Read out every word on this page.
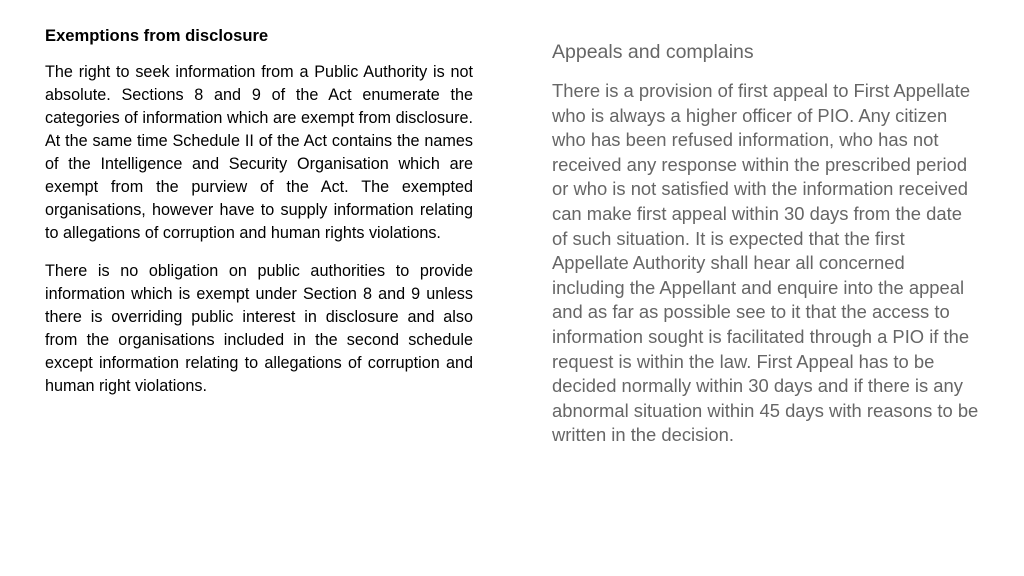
Exemptions from disclosure

The right to seek information from a Public Authority is not absolute. Sections 8 and 9 of the Act enumerate the categories of information which are exempt from disclosure. At the same time Schedule II of the Act contains the names of the Intelligence and Security Organisation which are exempt from the purview of the Act. The exempted organisations, however have to supply information relating to allegations of corruption and human rights violations.

There is no obligation on public authorities to provide information which is exempt under Section 8 and 9 unless there is overriding public interest in disclosure and also from the organisations included in the second schedule except information relating to allegations of corruption and human right violations.

Appeals and complains

There is a provision of first appeal to First Appellate who is always a higher officer of PIO. Any citizen who has been refused information, who has not received any response within the prescribed period or who is not satisfied with the information received can make first appeal within 30 days from the date of such situation. It is expected that the first Appellate Authority shall hear all concerned including the Appellant and enquire into the appeal and as far as possible see to it that the access to information sought is facilitated through a PIO if the request is within the law. First Appeal has to be decided normally within 30 days and if there is any abnormal situation within 45 days with reasons to be written in the decision.
